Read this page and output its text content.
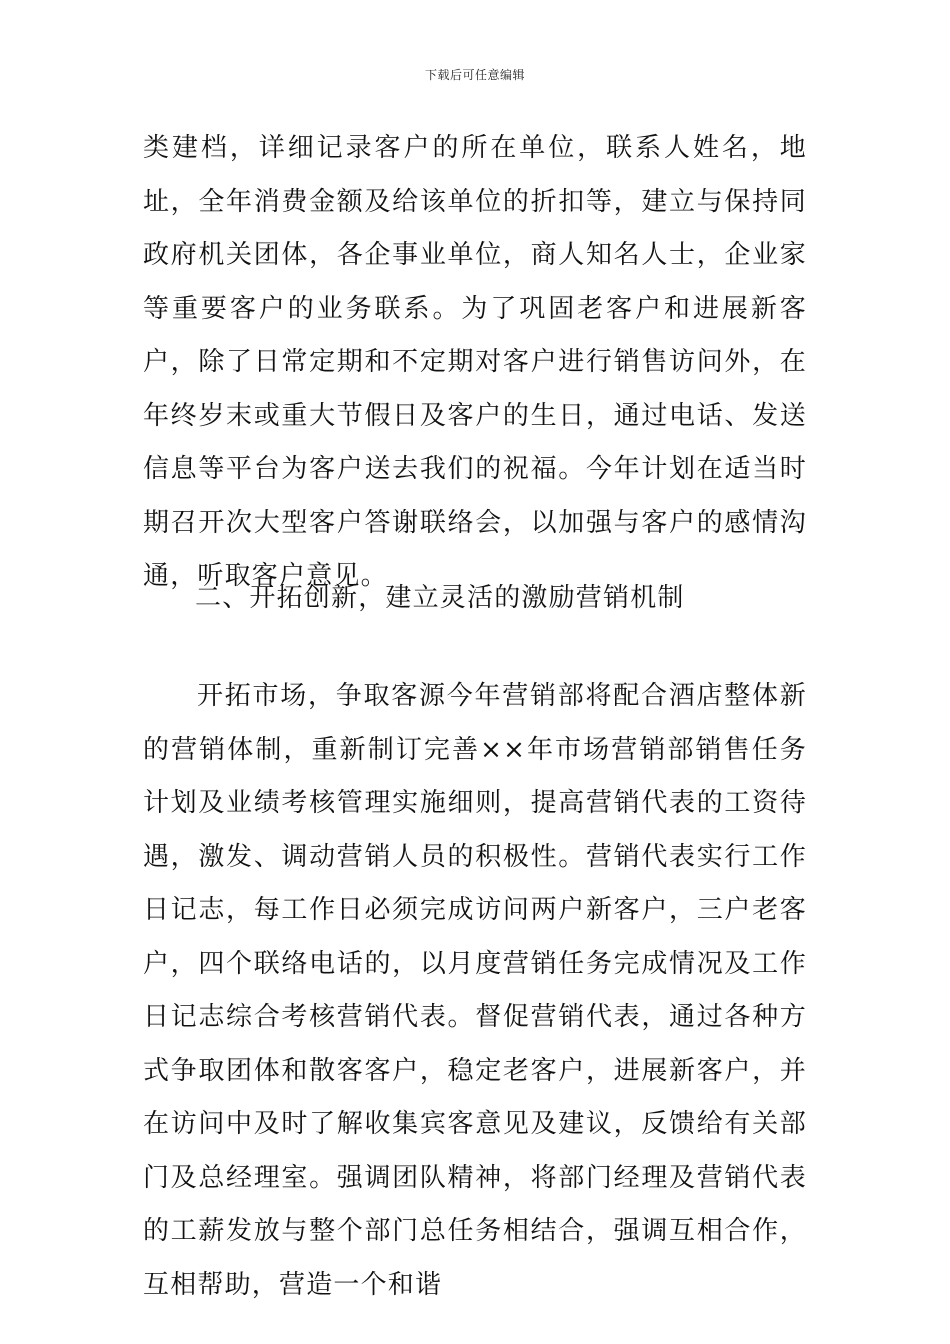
下载后可任意编辑

类建档，详细记录客户的所在单位，联系人姓名，地址，全年消费金额及给该单位的折扣等，建立与保持同政府机关团体，各企事业单位，商人知名人士，企业家等重要客户的业务联系。为了巩固老客户和进展新客户，除了日常定期和不定期对客户进行销售访问外，在年终岁末或重大节假日及客户的生日，通过电话、发送信息等平台为客户送去我们的祝福。今年计划在适当时期召开次大型客户答谢联络会，以加强与客户的感情沟通，听取客户意见。

二、开拓创新，建立灵活的激励营销机制

开拓市场，争取客源今年营销部将配合酒店整体新的营销体制，重新制订完善××年市场营销部销售任务计划及业绩考核管理实施细则，提高营销代表的工资待遇，激发、调动营销人员的积极性。营销代表实行工作日记志，每工作日必须完成访问两户新客户，三户老客户，四个联络电话的，以月度营销任务完成情况及工作日记志综合考核营销代表。督促营销代表，通过各种方式争取团体和散客客户，稳定老客户，进展新客户，并在访问中及时了解收集宾客意见及建议，反馈给有关部门及总经理室。强调团队精神，将部门经理及营销代表的工薪发放与整个部门总任务相结合，强调互相合作，互相帮助，营造一个和谐
